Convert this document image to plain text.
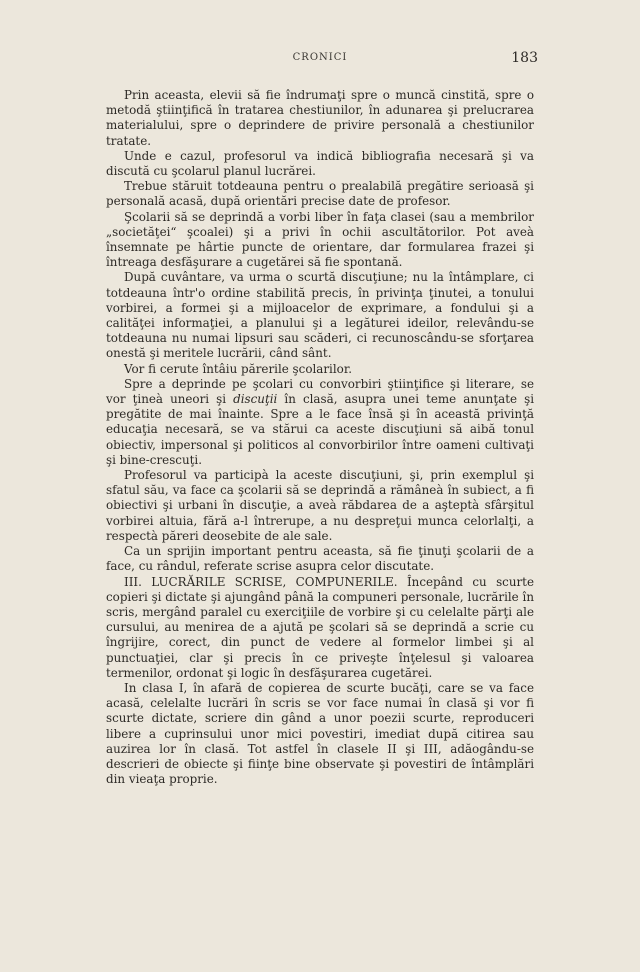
CRONICI	183

Prin aceasta, elevii să fie îndrumaţi spre o muncă cinstită, spre o metodă ştiinţifică în tratarea chestiunilor, în adunarea şi prelucrarea materialului, spre o deprindere de privire personală a chestiunilor tratate.

Unde e cazul, profesorul va indică bibliografia necesară şi va discută cu şcolarul planul lucrărei.

Trebue stăruit totdeauna pentru o prealabilă pregătire serioasă şi personală acasă, după orientări precise date de profesor.

Şcolarii să se deprindă a vorbi liber în faţa clasei (sau a membrilor „societăţei“ şcoalei) şi a privi în ochii ascultătorilor. Pot aveà însemnate pe hârtie puncte de orientare, dar formularea frazei şi întreaga desfăşurare a cugetărei să fie spontană.

După cuvântare, va urma o scurtă discuţiune; nu la întâmplare, ci totdeauna într'o ordine stabilită precis, în privinţa ţinutei, a tonului vorbirei, a formei şi a mijloacelor de exprimare, a fondului şi a calităţei informaţiei, a planului şi a legăturei ideilor, relevându-se totdeauna nu numai lipsuri sau scăderi, ci recunoscându-se sforţarea onestă şi meritele lucrării, când sânt.

Vor fi cerute întâiu părerile şcolarilor.

Spre a deprinde pe şcolari cu convorbiri ştiinţifice şi literare, se vor ţineà uneori şi discuţii în clasă, asupra unei teme anunţate şi pregătite de mai înainte. Spre a le face însă şi în această privinţă educaţia necesară, se va stărui ca aceste discuţiuni să aibă tonul obiectiv, impersonal şi politicos al convorbirilor între oameni cultivaţi şi bine-crescuţi.

Profesorul va participà la aceste discuţiuni, şi, prin exemplul şi sfatul său, va face ca şcolarii să se deprindă a rămâneà în subiect, a fi obiectivi şi urbani în discuţie, a aveà răbdarea de a aşteptà sfârşitul vorbirei altuia, fără a-l întrerupe, a nu despreţui munca celorlalţi, a respectà păreri deosebite de ale sale.

Ca un sprijin important pentru aceasta, să fie ţinuţi şcolarii de a face, cu rândul, referate scrise asupra celor discutate.

III. LUCRĂRILE SCRISE, COMPUNERILE. Începând cu scurte copieri şi dictate şi ajungând până la compuneri personale, lucrările în scris, mergând paralel cu exerciţiile de vorbire şi cu celelalte părţi ale cursului, au menirea de a ajută pe şcolari să se deprindă a scrie cu îngrijire, corect, din punct de vedere al formelor limbei şi al punctuaţiei, clar şi precis în ce priveşte înţelesul şi valoarea termenilor, ordonat şi logic în desfăşurarea cugetărei.

In clasa I, în afară de copierea de scurte bucăţi, care se va face acasă, celelalte lucrări în scris se vor face numai în clasă şi vor fi scurte dictate, scriere din gând a unor poezii scurte, reproduceri libere a cuprinsului unor mici povestiri, imediat după citirea sau auzirea lor în clasă. Tot astfel în clasele II şi III, adăogându-se descrieri de obiecte şi fiinţe bine observate şi povestiri de întâmplări din vieaţa proprie.
